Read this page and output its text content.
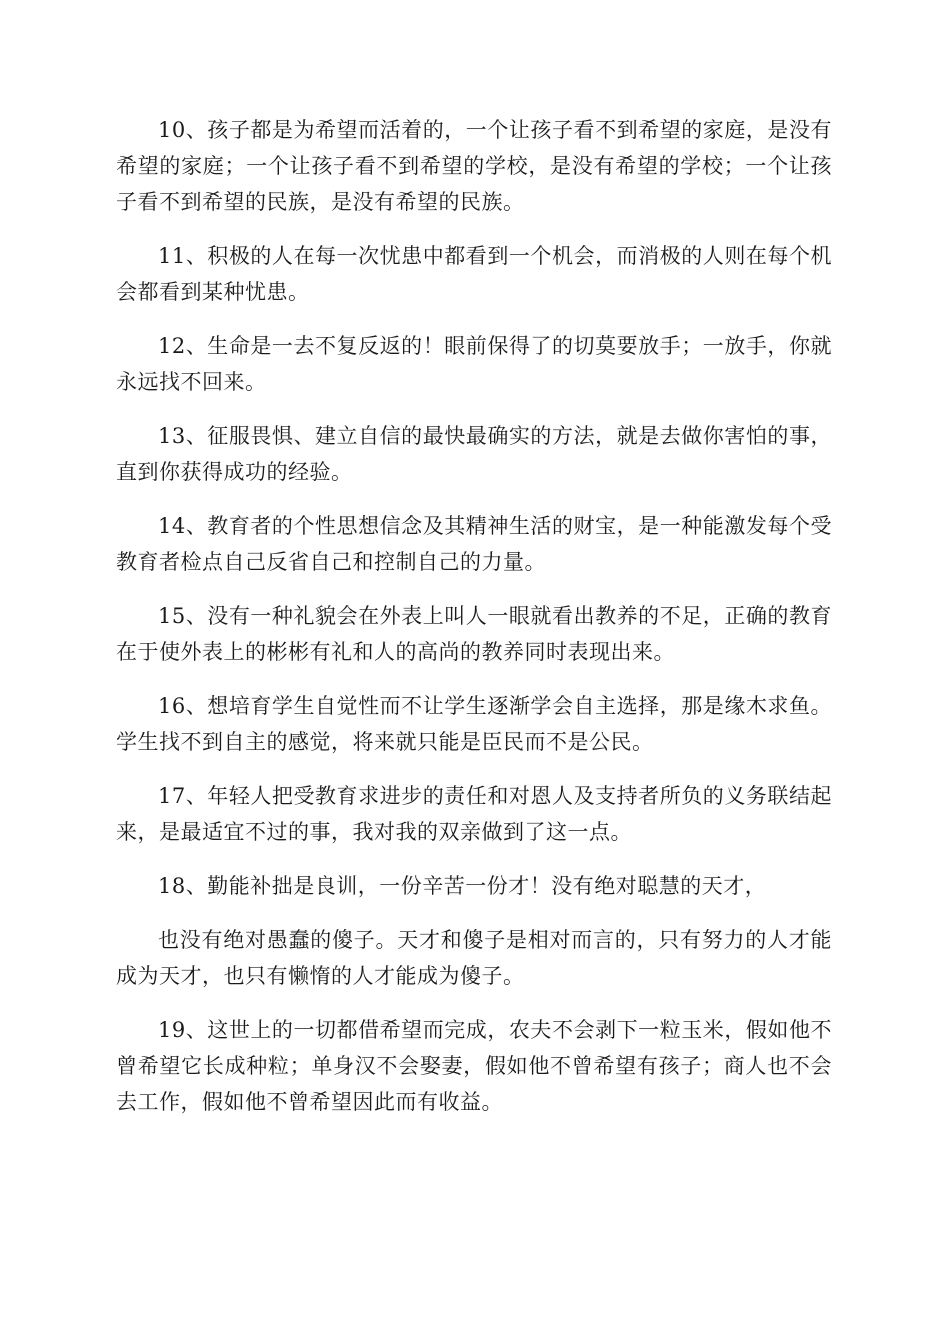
10、孩子都是为希望而活着的，一个让孩子看不到希望的家庭，是没有希望的家庭；一个让孩子看不到希望的学校，是没有希望的学校；一个让孩子看不到希望的民族，是没有希望的民族。

11、积极的人在每一次忧患中都看到一个机会，而消极的人则在每个机会都看到某种忧患。

12、生命是一去不复反返的！眼前保得了的切莫要放手；一放手，你就永远找不回来。

13、征服畏惧、建立自信的最快最确实的方法，就是去做你害怕的事，直到你获得成功的经验。

14、教育者的个性思想信念及其精神生活的财宝，是一种能激发每个受教育者检点自己反省自己和控制自己的力量。

15、没有一种礼貌会在外表上叫人一眼就看出教养的不足，正确的教育在于使外表上的彬彬有礼和人的高尚的教养同时表现出来。

16、想培育学生自觉性而不让学生逐渐学会自主选择，那是缘木求鱼。学生找不到自主的感觉，将来就只能是臣民而不是公民。

17、年轻人把受教育求进步的责任和对恩人及支持者所负的义务联结起来，是最适宜不过的事，我对我的双亲做到了这一点。

18、勤能补拙是良训，一份辛苦一份才！没有绝对聪慧的天才，

也没有绝对愚蠢的傻子。天才和傻子是相对而言的，只有努力的人才能成为天才，也只有懒惰的人才能成为傻子。

19、这世上的一切都借希望而完成，农夫不会剥下一粒玉米，假如他不曾希望它长成种粒；单身汉不会娶妻，假如他不曾希望有孩子；商人也不会去工作，假如他不曾希望因此而有收益。
